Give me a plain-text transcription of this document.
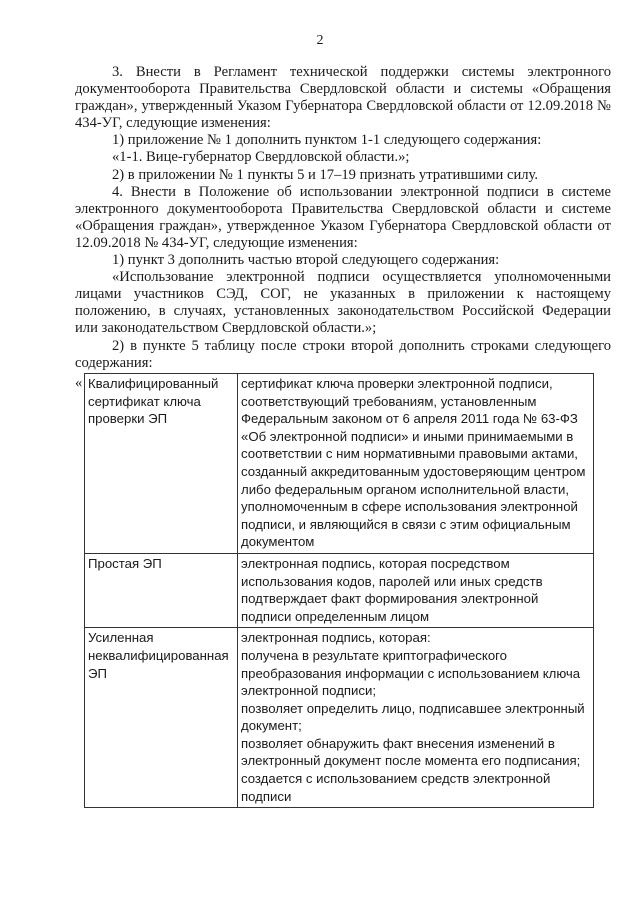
2

3. Внести в Регламент технической поддержки системы электронного документооборота Правительства Свердловской области и системы «Обращения граждан», утвержденный Указом Губернатора Свердловской области от 12.09.2018 № 434-УГ, следующие изменения:

1) приложение № 1 дополнить пунктом 1-1 следующего содержания:

«1-1. Вице-губернатор Свердловской области.»;

2) в приложении № 1 пункты 5 и 17–19 признать утратившими силу.

4. Внести в Положение об использовании электронной подписи в системе электронного документооборота Правительства Свердловской области и системе «Обращения граждан», утвержденное Указом Губернатора Свердловской области от 12.09.2018 № 434-УГ, следующие изменения:

1) пункт 3 дополнить частью второй следующего содержания:

«Использование электронной подписи осуществляется уполномоченными лицами участников СЭД, СОГ, не указанных в приложении к настоящему положению, в случаях, установленных законодательством Российской Федерации или законодательством Свердловской области.»;

2) в пункте 5 таблицу после строки второй дополнить строками следующего содержания:

« Квалифицированный сертификат ключа проверки ЭП	сертификат ключа проверки электронной подписи, соответствующий требованиям, установленным Федеральным законом от 6 апреля 2011 года № 63-ФЗ «Об электронной подписи» и иными принимаемыми в соответствии с ним нормативными правовыми актами, созданный аккредитованным удостоверяющим центром либо федеральным органом исполнительной власти, уполномоченным в сфере использования электронной подписи, и являющийся в связи с этим официальным документом

Простая ЭП	электронная подпись, которая посредством использования кодов, паролей или иных средств подтверждает факт формирования электронной подписи определенным лицом

Усиленная неквалифицированная ЭП	электронная подпись, которая:
получена в результате криптографического преобразования информации с использованием ключа электронной подписи;
позволяет определить лицо, подписавшее электронный документ;
позволяет обнаружить факт внесения изменений в электронный документ после момента его подписания;
создается с использованием средств электронной подписи
